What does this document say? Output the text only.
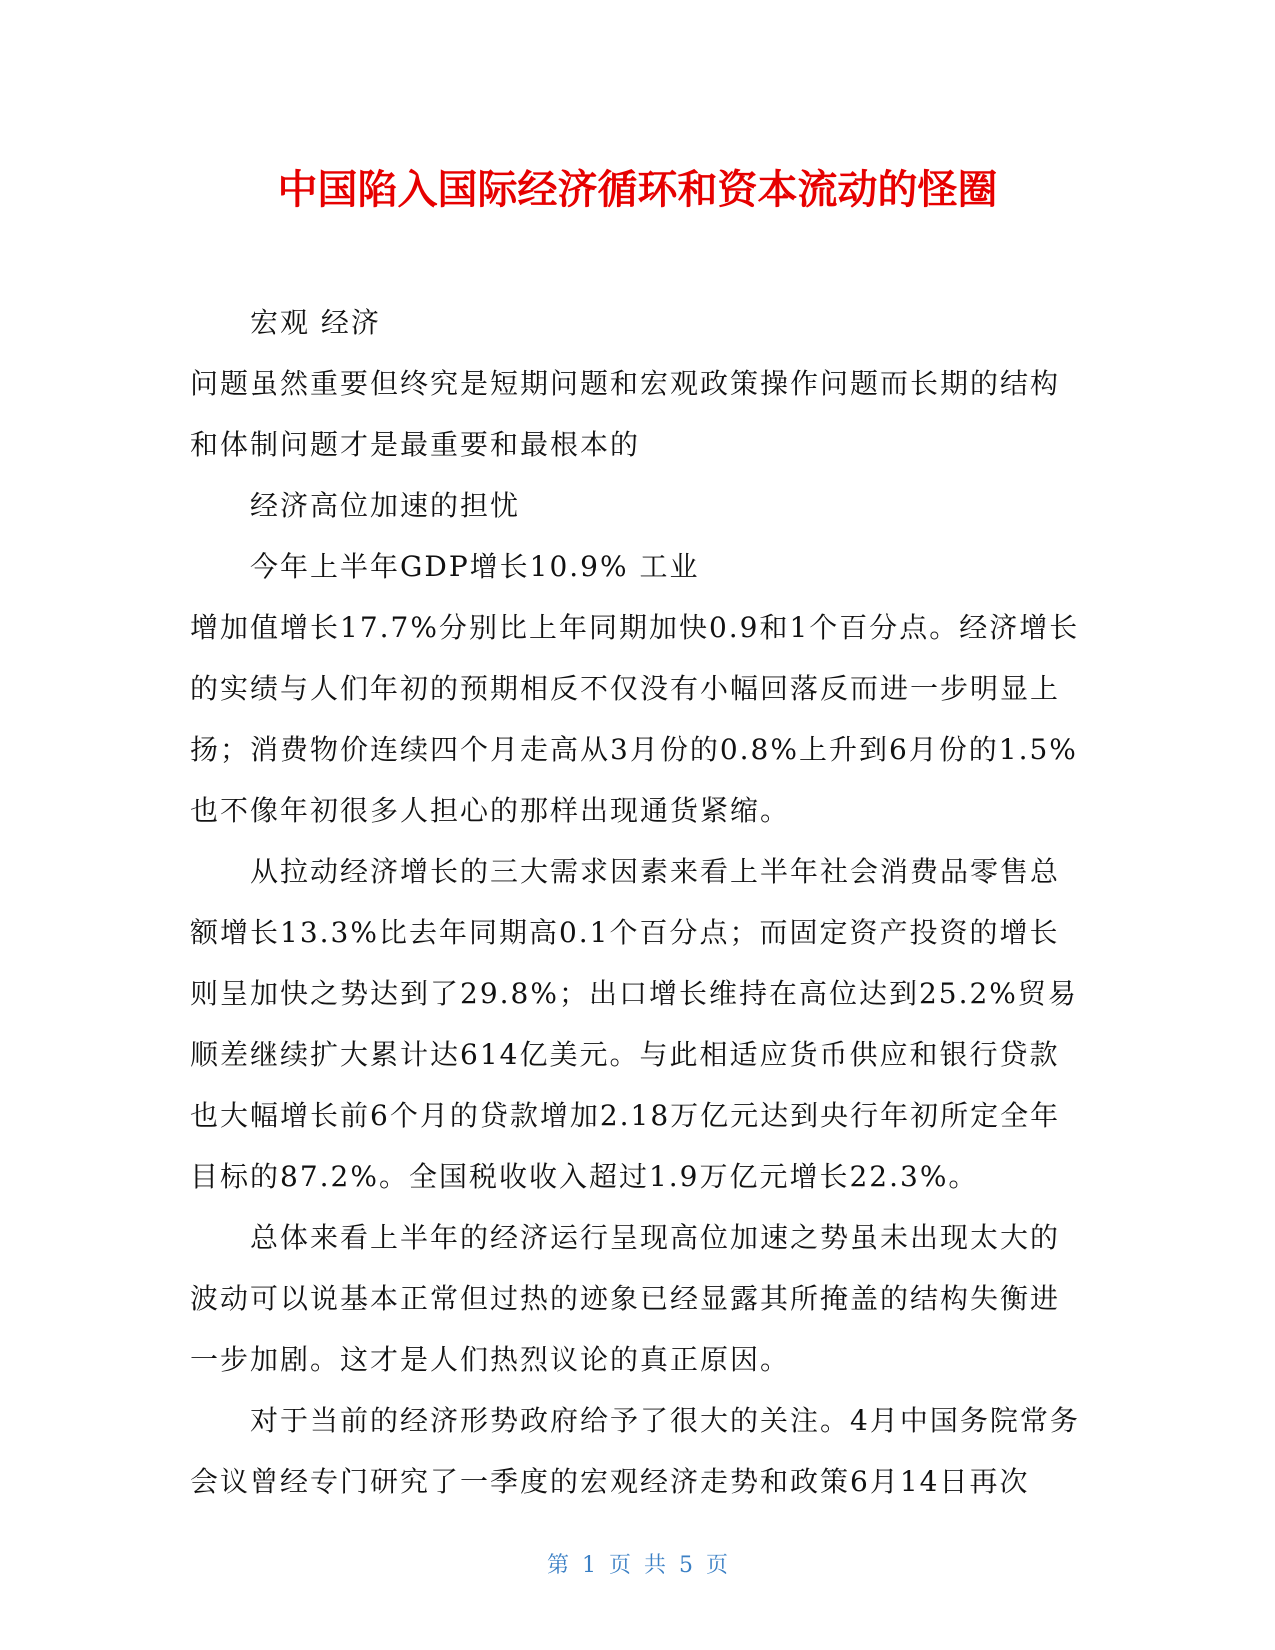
中国陷入国际经济循环和资本流动的怪圈

宏观 经济

问题虽然重要但终究是短期问题和宏观政策操作问题而长期的结构和体制问题才是最重要和最根本的

经济高位加速的担忧

今年上半年GDP增长10.9% 工业

增加值增长17.7%分别比上年同期加快0.9和1个百分点。经济增长的实绩与人们年初的预期相反不仅没有小幅回落反而进一步明显上扬；消费物价连续四个月走高从3月份的0.8%上升到6月份的1.5%也不像年初很多人担心的那样出现通货紧缩。

从拉动经济增长的三大需求因素来看上半年社会消费品零售总额增长13.3%比去年同期高0.1个百分点；而固定资产投资的增长则呈加快之势达到了29.8%；出口增长维持在高位达到25.2%贸易顺差继续扩大累计达614亿美元。与此相适应货币供应和银行贷款也大幅增长前6个月的贷款增加2.18万亿元达到央行年初所定全年目标的87.2%。全国税收收入超过1.9万亿元增长22.3%。

总体来看上半年的经济运行呈现高位加速之势虽未出现太大的波动可以说基本正常但过热的迹象已经显露其所掩盖的结构失衡进一步加剧。这才是人们热烈议论的真正原因。

对于当前的经济形势政府给予了很大的关注。4月中国务院常务会议曾经专门研究了一季度的宏观经济走势和政策6月14日再次

第 1 页 共 5 页
